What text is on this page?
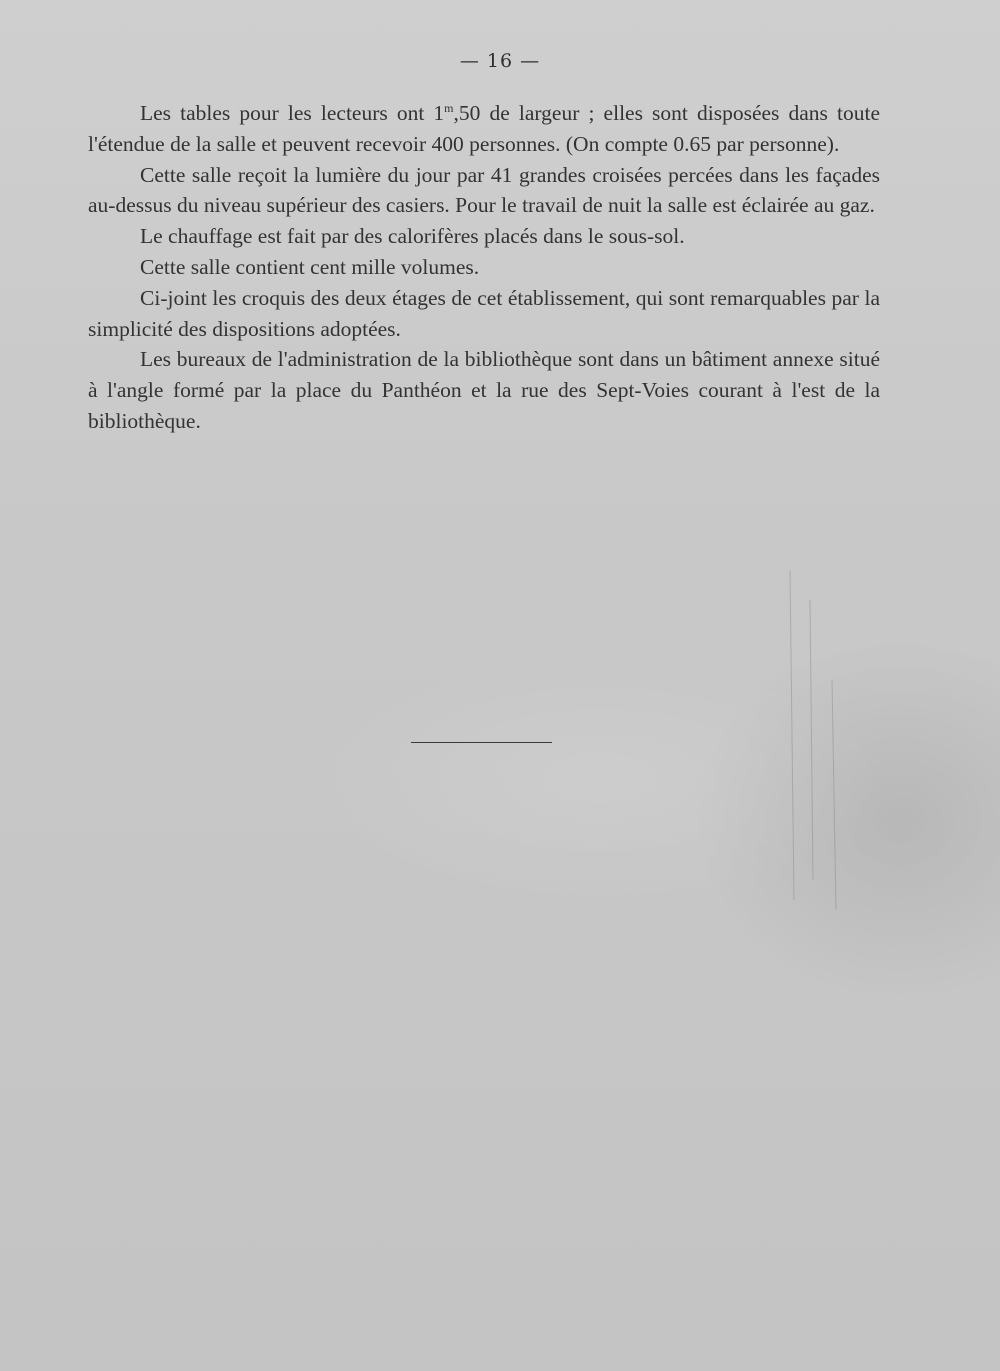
— 16 —

Les tables pour les lecteurs ont 1$^m$,50 de largeur ; elles sont disposées dans toute l'étendue de la salle et peuvent recevoir 400 personnes. (On compte 0.65 par personne).

Cette salle reçoit la lumière du jour par 41 grandes croisées percées dans les façades au-dessus du niveau supérieur des casiers. Pour le travail de nuit la salle est éclairée au gaz.

Le chauffage est fait par des calorifères placés dans le sous-sol.

Cette salle contient cent mille volumes.

Ci-joint les croquis des deux étages de cet établissement, qui sont remarquables par la simplicité des dispositions adoptées.

Les bureaux de l'administration de la bibliothèque sont dans un bâtiment annexe situé à l'angle formé par la place du Panthéon et la rue des Sept-Voies courant à l'est de la bibliothèque.
